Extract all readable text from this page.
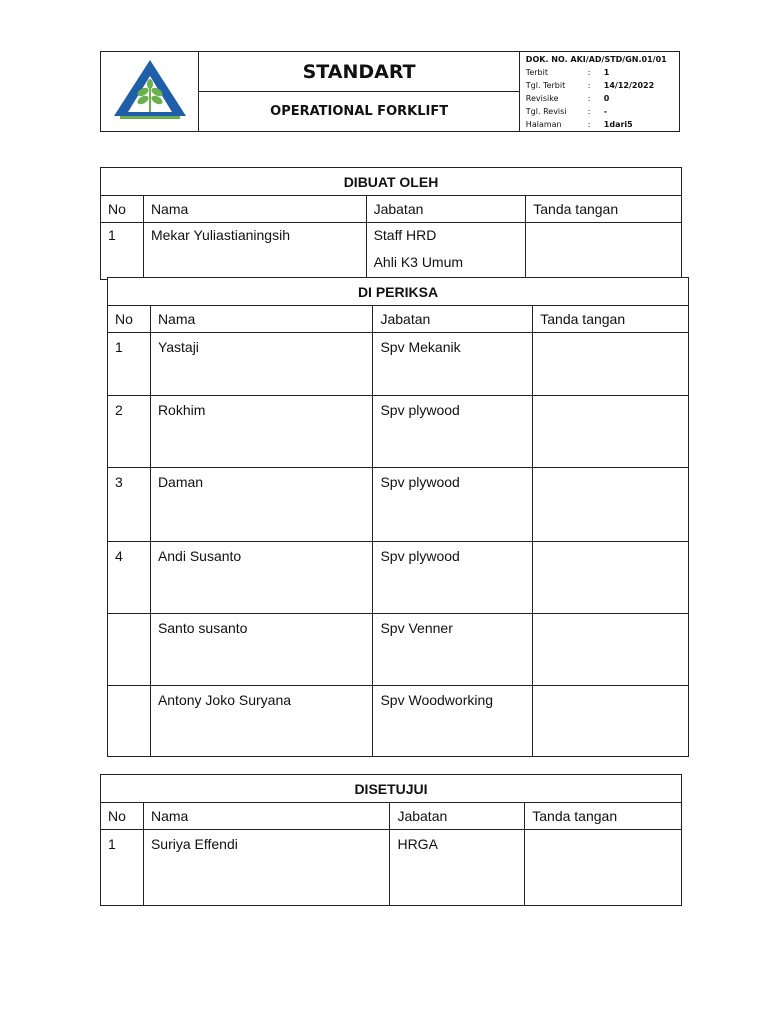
	STANDART	
DOK. NO. AKI/AD/STD/GN.01/01
Terbit	:	1
Tgl. Terbit	:	14/12/2022
Revisike	:	0
Tgl. Revisi	:	-
Halaman	:	1dari5

OPERATIONAL FORKLIFT
DIBUAT OLEH			
No	Nama	Jabatan	Tanda tangan

1	Mekar Yuliastianingsih	Staff HRD
Ahli K3 Umum	

DI PERIKSA			
No	Nama	Jabatan	Tanda tangan
1	Yastaji	Spv Mekanik	
2	Rokhim	Spv plywood	
3	Daman	Spv plywood	
4	Andi Susanto	Spv plywood	
	Santo susanto	Spv Venner	
	Antony Joko Suryana	Spv Woodworking	
DISETUJUI			
No	Nama	Jabatan	Tanda tangan
1	Suriya Effendi	HRGA	
